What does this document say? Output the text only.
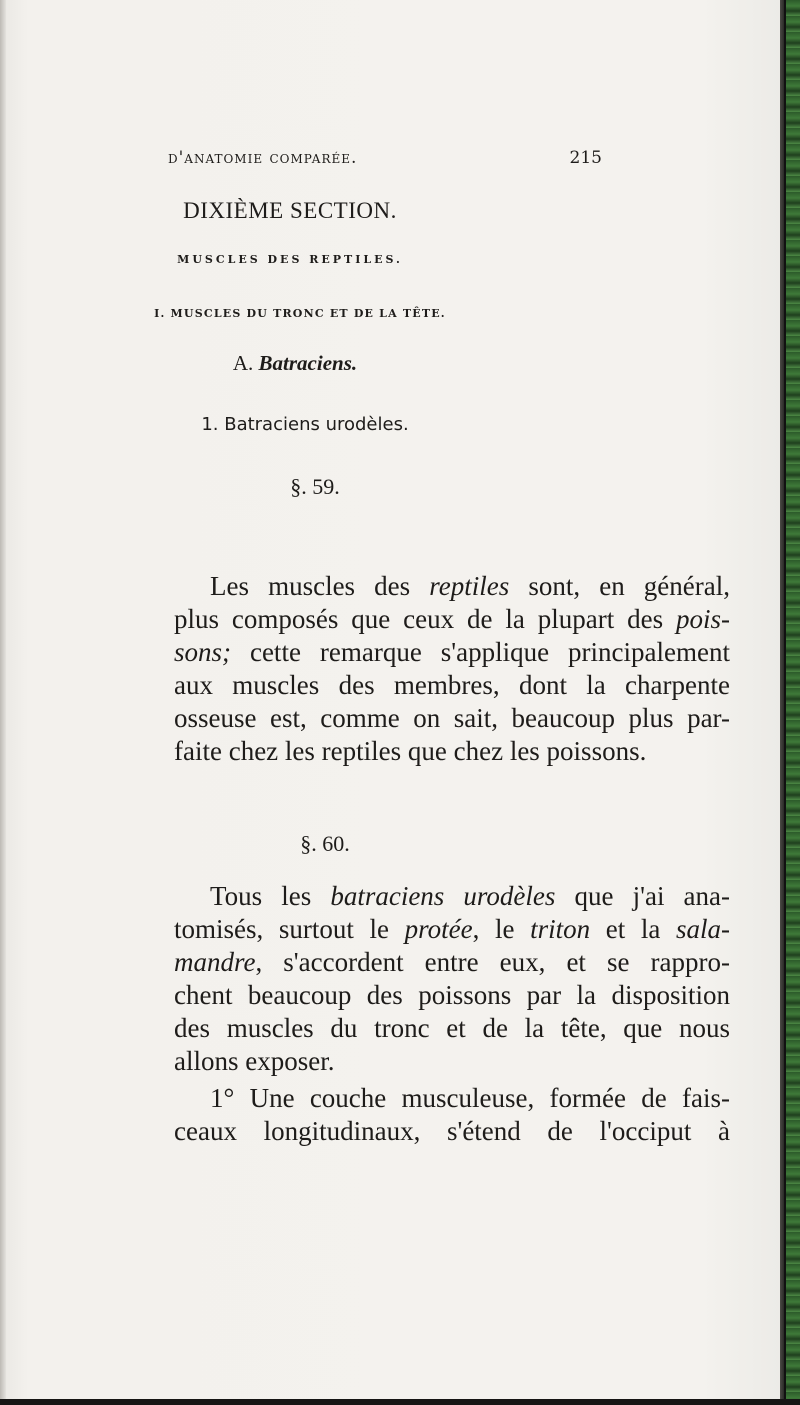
d'anatomie comparée.	215
DIXIÈME SECTION.
MUSCLES DES REPTILES.
I. MUSCLES DU TRONC ET DE LA TÊTE.
A. Batraciens.
1. Batraciens urodèles.
§. 59.
Les muscles des reptiles sont, en général,
plus composés que ceux de la plupart des pois-
sons; cette remarque s'applique principalement
aux muscles des membres, dont la charpente
osseuse est, comme on sait, beaucoup plus par-
faite chez les reptiles que chez les poissons.
§. 60.
Tous les batraciens urodèles que j'ai ana-
tomisés, surtout le protée, le triton et la sala-
mandre, s'accordent entre eux, et se rappro-
chent beaucoup des poissons par la disposition
des muscles du tronc et de la tête, que nous
allons exposer.
1° Une couche musculeuse, formée de fais-
ceaux longitudinaux, s'étend de l'occiput à
